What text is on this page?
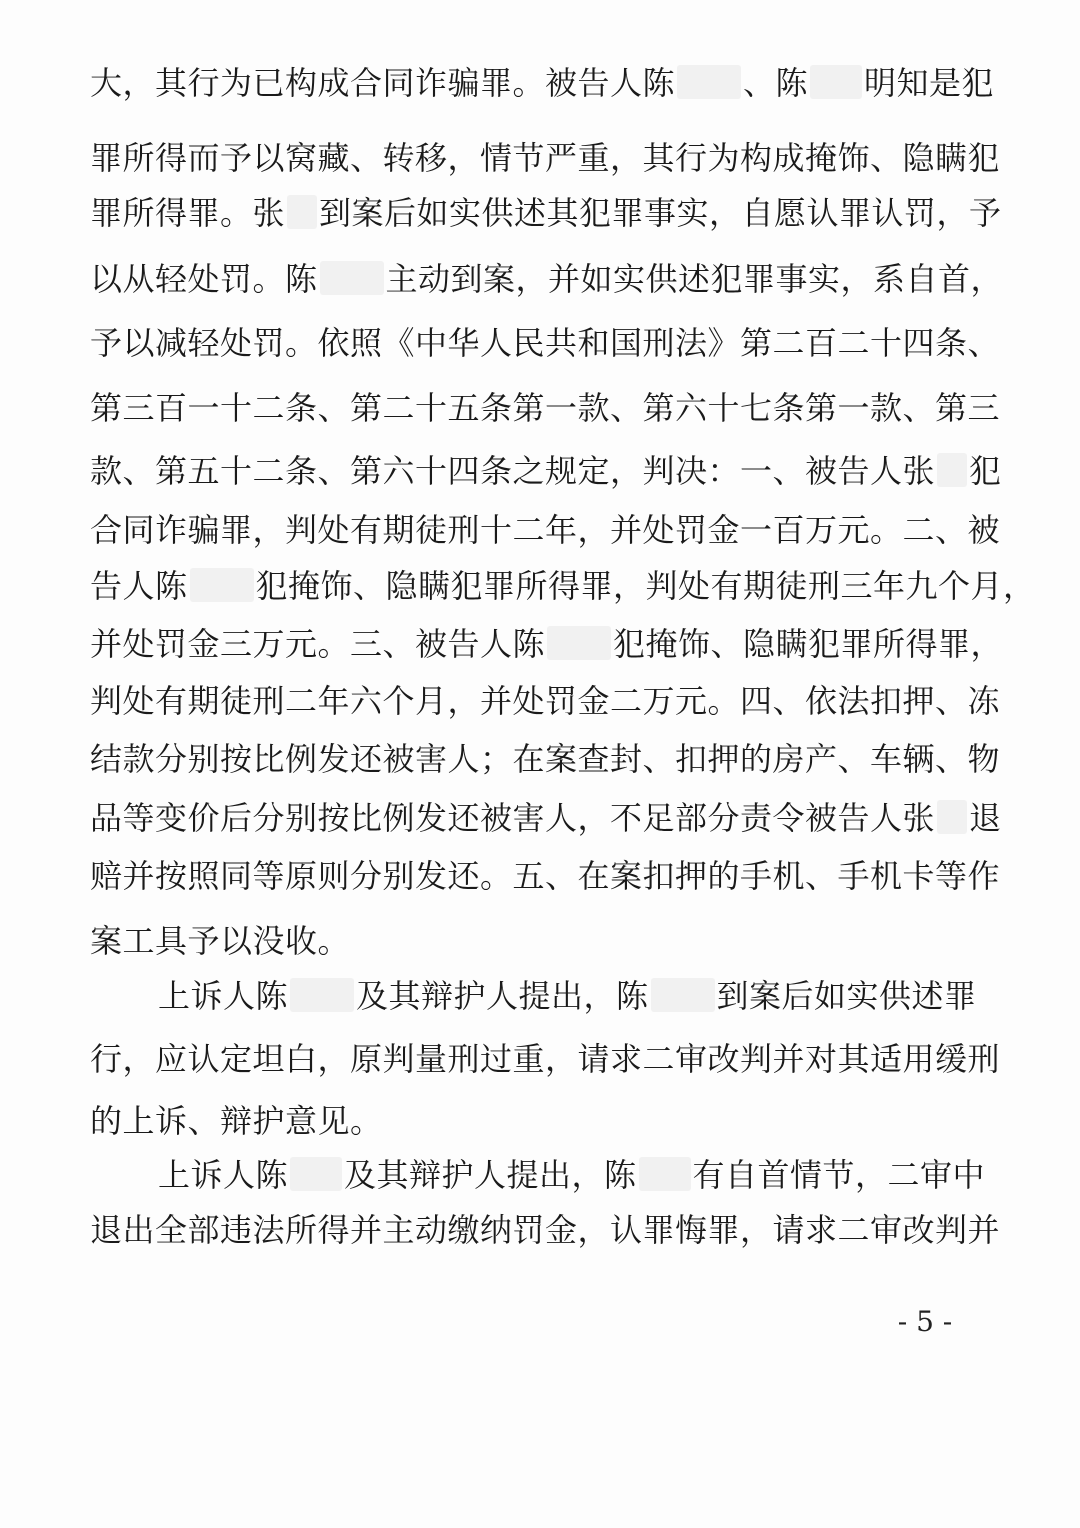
大，其行为已构成合同诈骗罪。被告人陈 、陈 明知是犯
罪所得而予以窝藏、转移，情节严重，其行为构成掩饰、隐瞒犯
罪所得罪。张 到案后如实供述其犯罪事实，自愿认罪认罚，予
以从轻处罚。陈 主动到案，并如实供述犯罪事实，系自首，
予以减轻处罚。依照《中华人民共和国刑法》第二百二十四条、
第三百一十二条、第二十五条第一款、第六十七条第一款、第三
款、第五十二条、第六十四条之规定，判决：一、被告人张 犯
合同诈骗罪，判处有期徒刑十二年，并处罚金一百万元。二、被
告人陈 犯掩饰、隐瞒犯罪所得罪，判处有期徒刑三年九个月，
并处罚金三万元。三、被告人陈 犯掩饰、隐瞒犯罪所得罪，
判处有期徒刑二年六个月，并处罚金二万元。四、依法扣押、冻
结款分别按比例发还被害人；在案查封、扣押的房产、车辆、物
品等变价后分别按比例发还被害人，不足部分责令被告人张 退
赔并按照同等原则分别发还。五、在案扣押的手机、手机卡等作
案工具予以没收。
上诉人陈 及其辩护人提出，陈 到案后如实供述罪
行，应认定坦白，原判量刑过重，请求二审改判并对其适用缓刑
的上诉、辩护意见。
上诉人陈 及其辩护人提出，陈 有自首情节，二审中
退出全部违法所得并主动缴纳罚金，认罪悔罪，请求二审改判并
- 5 -
